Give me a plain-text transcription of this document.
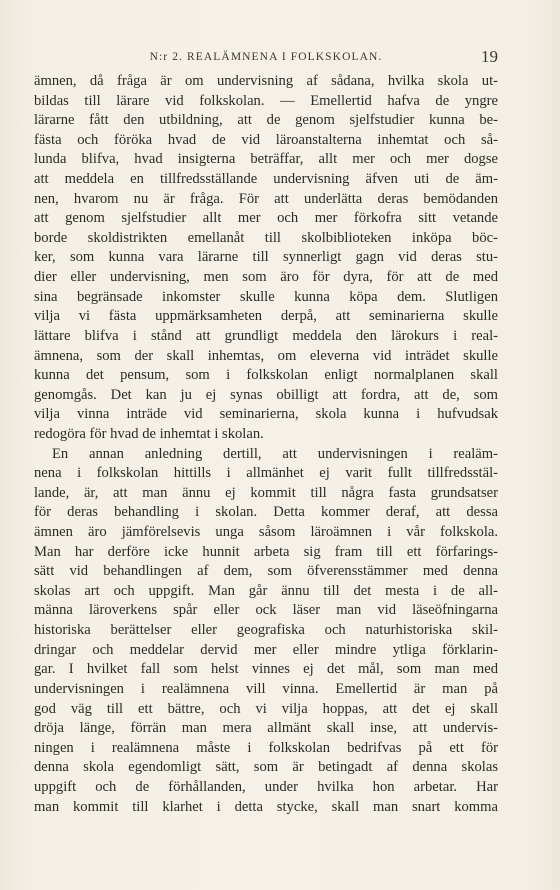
N:r 2. REALÄMNENA I FOLKSKOLAN.	19
ämnen, då fråga är om undervisning af sådana, hvilka skola ut-
bildas till lärare vid folkskolan. — Emellertid hafva de yngre
lärarne fått den utbildning, att de genom sjelfstudier kunna be-
fästa och föröka hvad de vid läroanstalterna inhemtat och så-
lunda blifva, hvad insigterna beträffar, allt mer och mer dogse
att meddela en tillfredsställande undervisning äfven uti de äm-
nen, hvarom nu är fråga. För att underlätta deras bemödanden
att genom sjelfstudier allt mer och mer förkofra sitt vetande
borde skoldistrikten emellanåt till skolbiblioteken inköpa böc-
ker, som kunna vara lärarne till synnerligt gagn vid deras stu-
dier eller undervisning, men som äro för dyra, för att de med
sina begränsade inkomster skulle kunna köpa dem. Slutligen
vilja vi fästa uppmärksamheten derpå, att seminarierna skulle
lättare blifva i stånd att grundligt meddela den lärokurs i real-
ämnena, som der skall inhemtas, om eleverna vid inträdet skulle
kunna det pensum, som i folkskolan enligt normalplanen skall
genomgås. Det kan ju ej synas obilligt att fordra, att de, som
vilja vinna inträde vid seminarierna, skola kunna i hufvudsak
redogöra för hvad de inhemtat i skolan.
En annan anledning dertill, att undervisningen i realäm-
nena i folkskolan hittills i allmänhet ej varit fullt tillfredsstäl-
lande, är, att man ännu ej kommit till några fasta grundsatser
för deras behandling i skolan. Detta kommer deraf, att dessa
ämnen äro jämförelsevis unga såsom läroämnen i vår folkskola.
Man har derföre icke hunnit arbeta sig fram till ett förfarings-
sätt vid behandlingen af dem, som öfverensstämmer med denna
skolas art och uppgift. Man går ännu till det mesta i de all-
männa läroverkens spår eller ock läser man vid läseöfningarna
historiska berättelser eller geografiska och naturhistoriska skil-
dringar och meddelar dervid mer eller mindre ytliga förklarin-
gar. I hvilket fall som helst vinnes ej det mål, som man med
undervisningen i realämnena vill vinna. Emellertid är man på
god väg till ett bättre, och vi vilja hoppas, att det ej skall
dröja länge, förrän man mera allmänt skall inse, att undervis-
ningen i realämnena måste i folkskolan bedrifvas på ett för
denna skola egendomligt sätt, som är betingadt af denna skolas
uppgift och de förhållanden, under hvilka hon arbetar. Har
man kommit till klarhet i detta stycke, skall man snart komma
